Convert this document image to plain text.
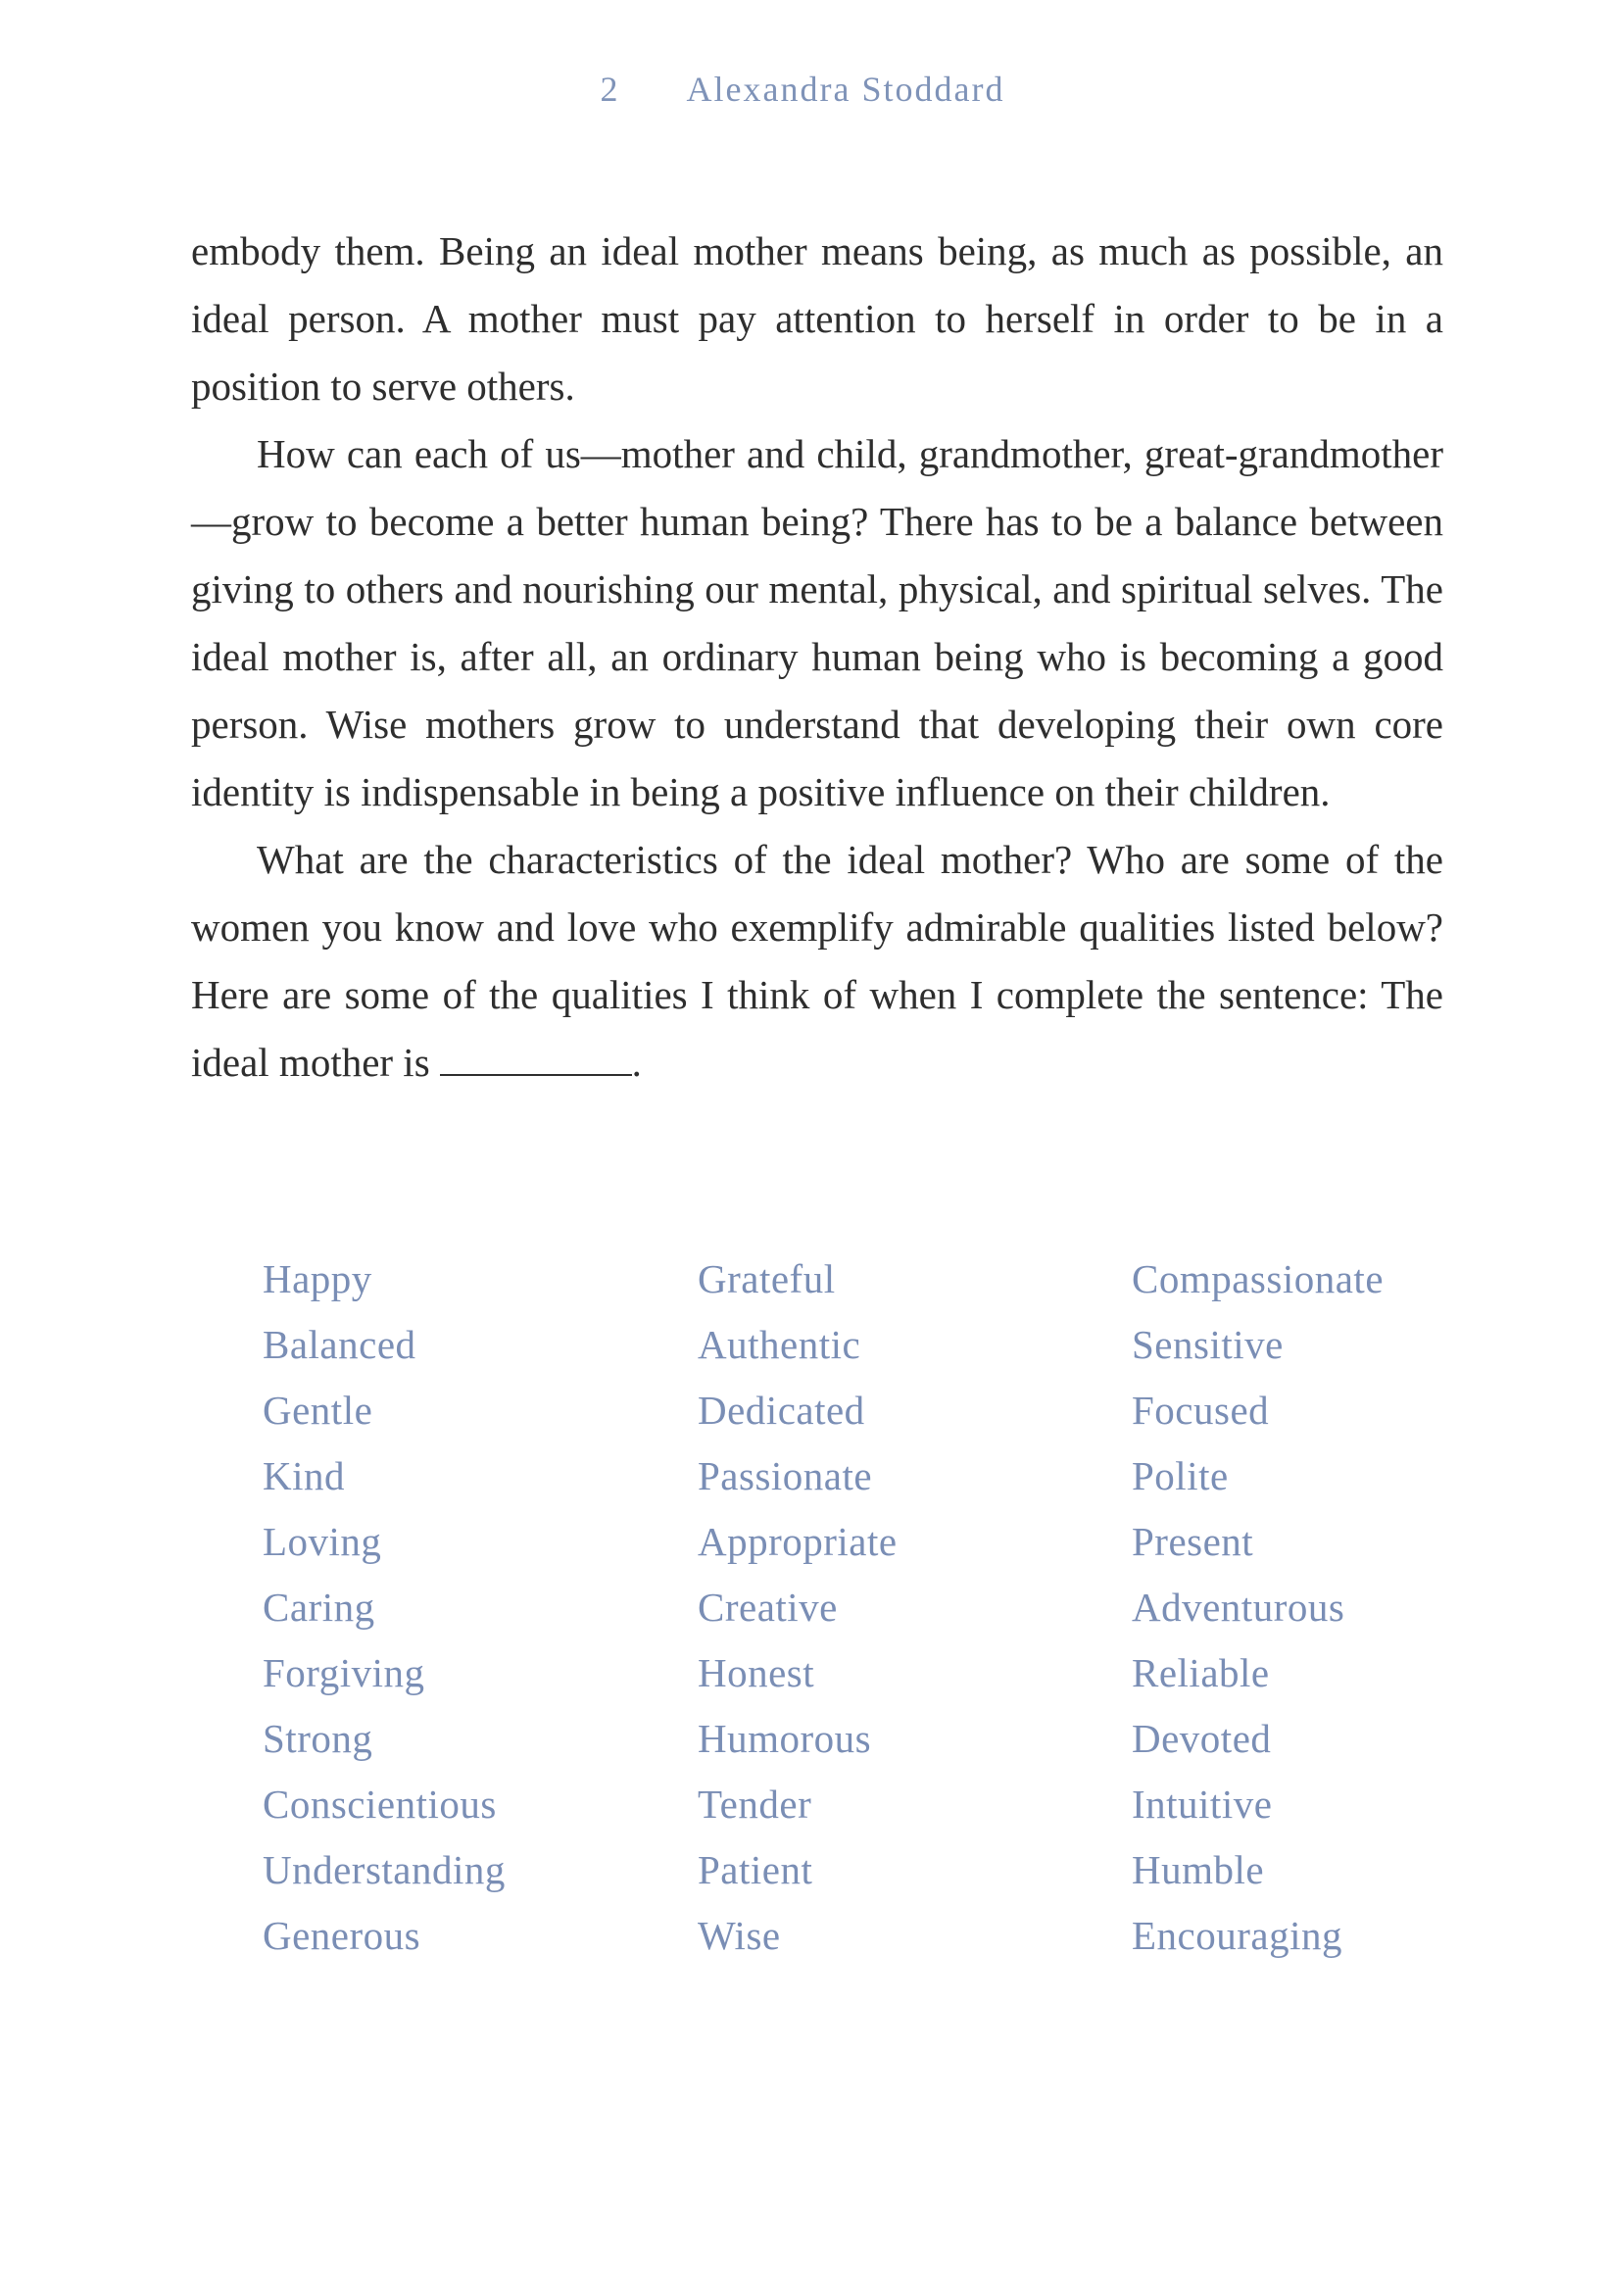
2 Alexandra Stoddard

embody them. Being an ideal mother means being, as much as possible, an ideal person. A mother must pay attention to herself in order to be in a position to serve others.

How can each of us—mother and child, grandmother, great-grandmother—grow to become a better human being? There has to be a balance between giving to others and nourishing our mental, physical, and spiritual selves. The ideal mother is, after all, an ordinary human being who is becoming a good person. Wise mothers grow to understand that developing their own core identity is indispensable in being a positive influence on their children.

What are the characteristics of the ideal mother? Who are some of the women you know and love who exemplify admirable qualities listed below? Here are some of the qualities I think of when I complete the sentence: The ideal mother is	.

Happy
Balanced
Gentle
Kind
Loving
Caring
Forgiving
Strong
Conscientious
Understanding
Generous
Grateful
Authentic
Dedicated
Passionate
Appropriate
Creative
Honest
Humorous
Tender
Patient
Wise
Compassionate
Sensitive
Focused
Polite
Present
Adventurous
Reliable
Devoted
Intuitive
Humble
Encouraging
